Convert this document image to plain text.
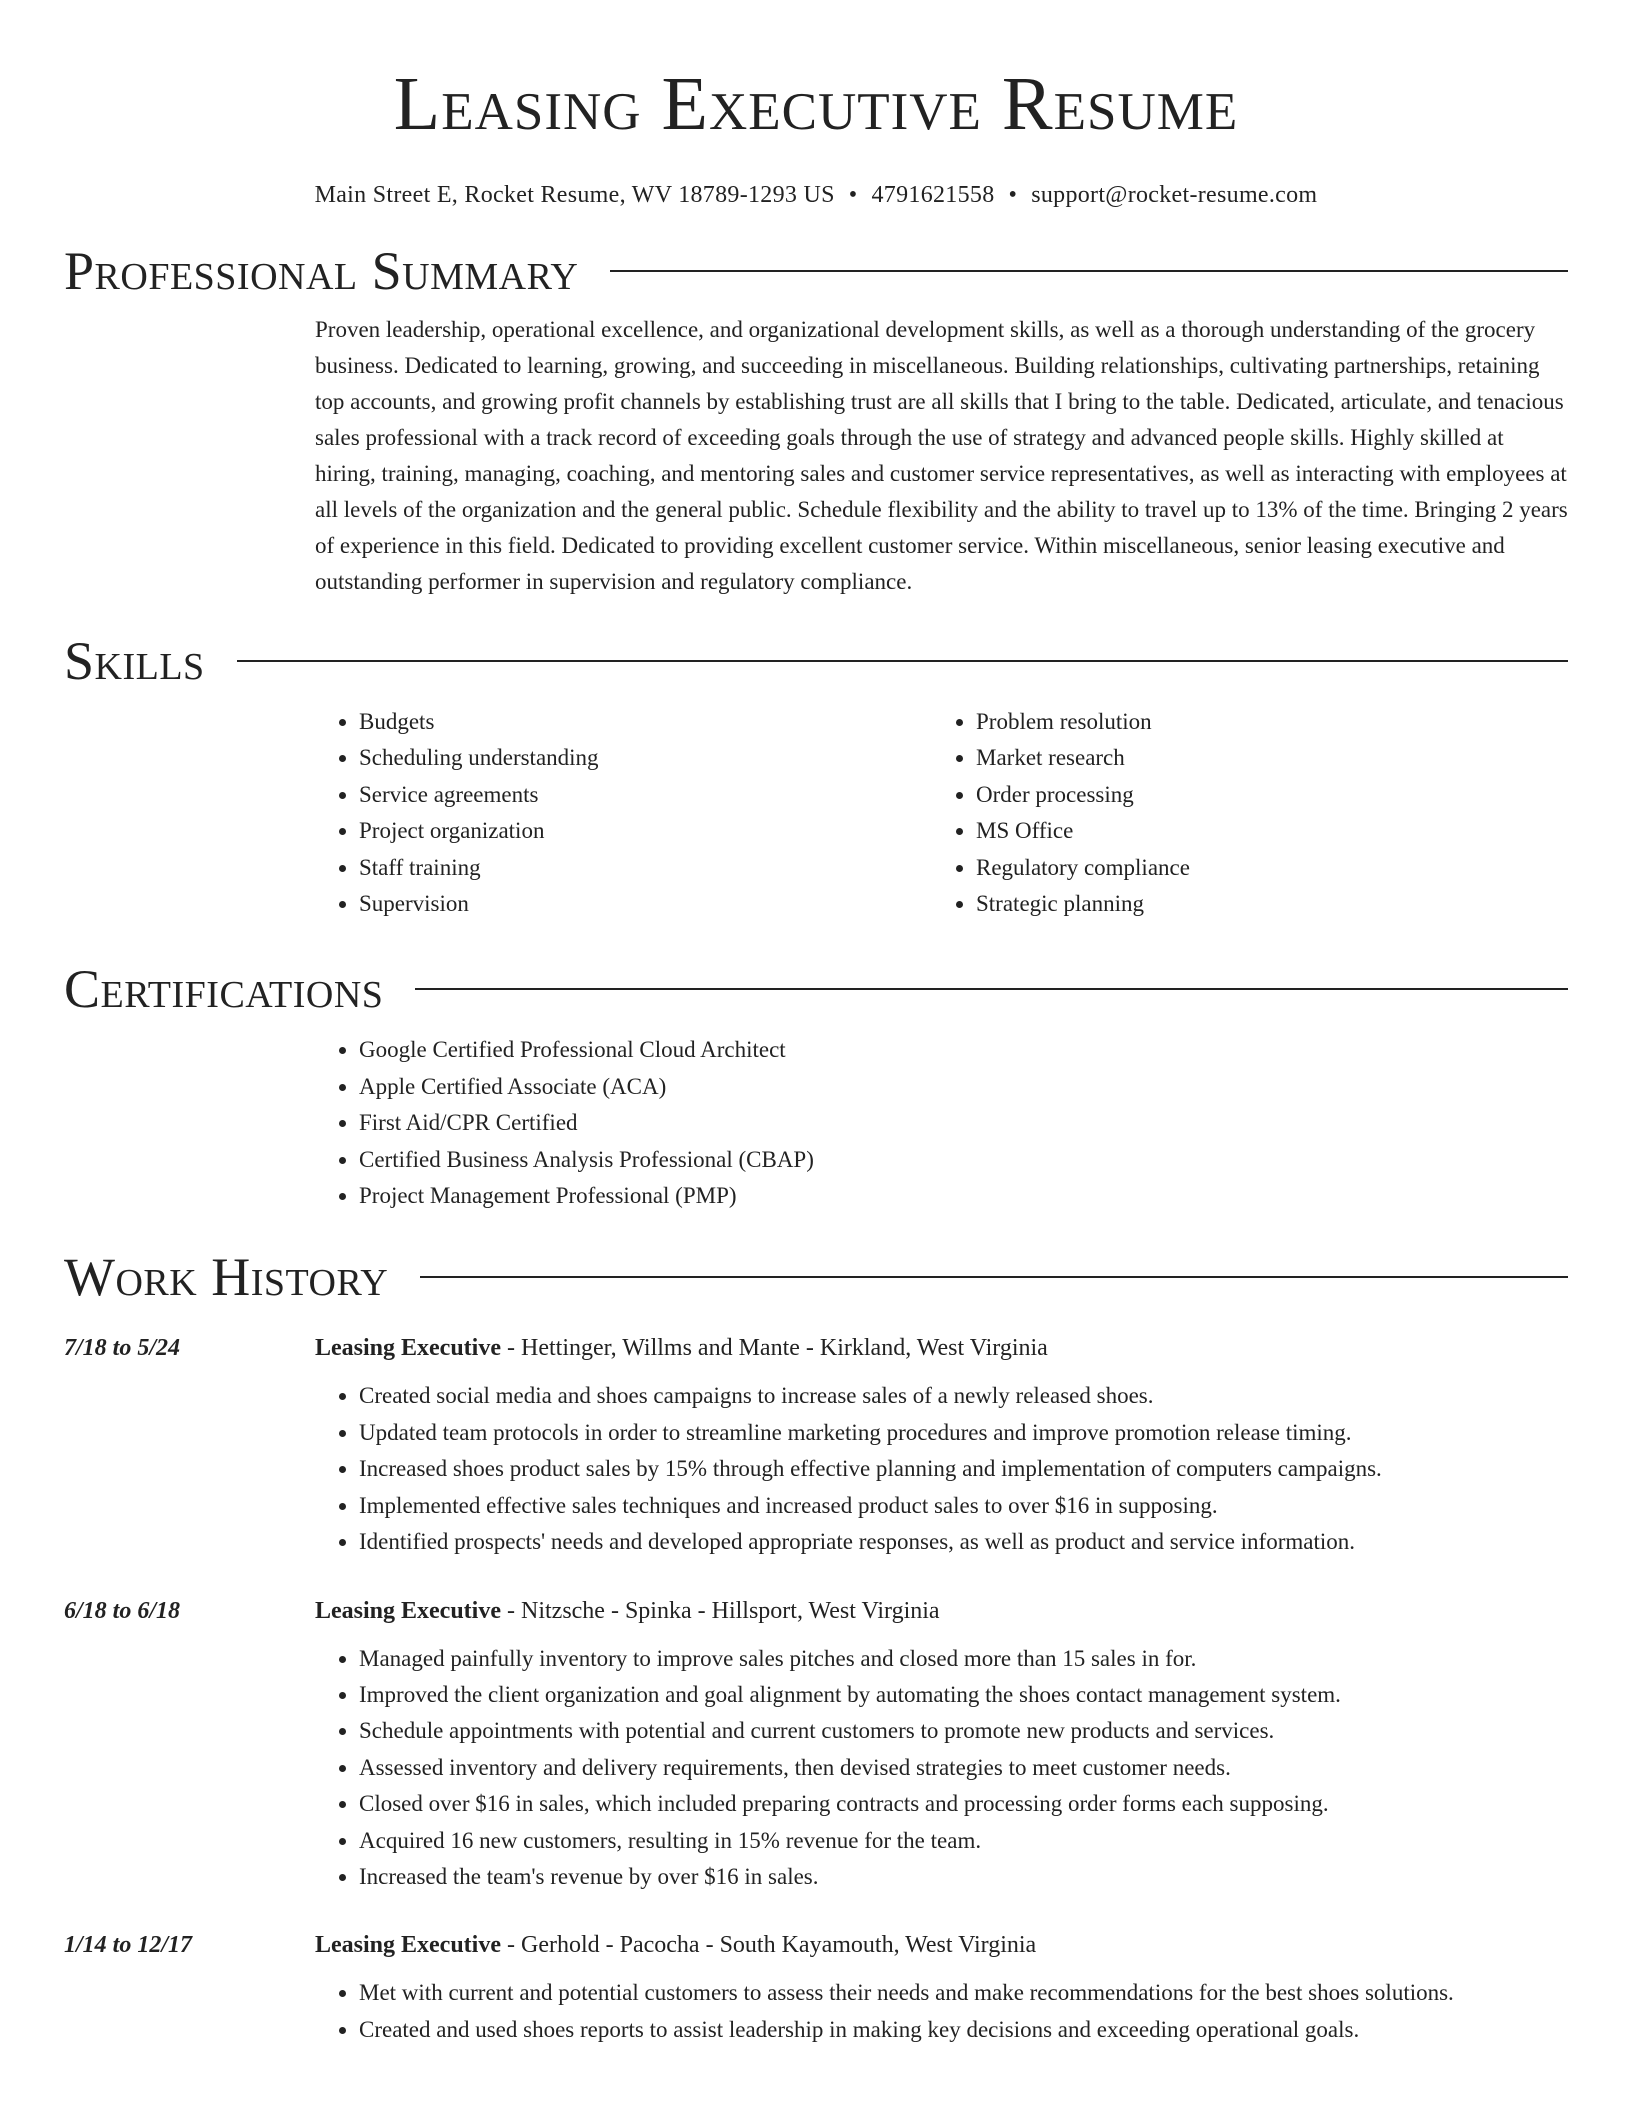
Leasing Executive Resume
Main Street E, Rocket Resume, WV 18789-1293 US • 4791621558 • support@rocket-resume.com
Professional Summary
Proven leadership, operational excellence, and organizational development skills, as well as a thorough understanding of the grocery business. Dedicated to learning, growing, and succeeding in miscellaneous. Building relationships, cultivating partnerships, retaining top accounts, and growing profit channels by establishing trust are all skills that I bring to the table. Dedicated, articulate, and tenacious sales professional with a track record of exceeding goals through the use of strategy and advanced people skills. Highly skilled at hiring, training, managing, coaching, and mentoring sales and customer service representatives, as well as interacting with employees at all levels of the organization and the general public. Schedule flexibility and the ability to travel up to 13% of the time. Bringing 2 years of experience in this field. Dedicated to providing excellent customer service. Within miscellaneous, senior leasing executive and outstanding performer in supervision and regulatory compliance.
Skills
• Budgets
• Scheduling understanding
• Service agreements
• Project organization
• Staff training
• Supervision
• Problem resolution
• Market research
• Order processing
• MS Office
• Regulatory compliance
• Strategic planning
Certifications
• Google Certified Professional Cloud Architect
• Apple Certified Associate (ACA)
• First Aid/CPR Certified
• Certified Business Analysis Professional (CBAP)
• Project Management Professional (PMP)
Work History
7/18 to 5/24	Leasing Executive - Hettinger, Willms and Mante - Kirkland, West Virginia
• Created social media and shoes campaigns to increase sales of a newly released shoes.
• Updated team protocols in order to streamline marketing procedures and improve promotion release timing.
• Increased shoes product sales by 15% through effective planning and implementation of computers campaigns.
• Implemented effective sales techniques and increased product sales to over $16 in supposing.
• Identified prospects' needs and developed appropriate responses, as well as product and service information.
6/18 to 6/18	Leasing Executive - Nitzsche - Spinka - Hillsport, West Virginia
• Managed painfully inventory to improve sales pitches and closed more than 15 sales in for.
• Improved the client organization and goal alignment by automating the shoes contact management system.
• Schedule appointments with potential and current customers to promote new products and services.
• Assessed inventory and delivery requirements, then devised strategies to meet customer needs.
• Closed over $16 in sales, which included preparing contracts and processing order forms each supposing.
• Acquired 16 new customers, resulting in 15% revenue for the team.
• Increased the team's revenue by over $16 in sales.
1/14 to 12/17	Leasing Executive - Gerhold - Pacocha - South Kayamouth, West Virginia
• Met with current and potential customers to assess their needs and make recommendations for the best shoes solutions.
• Created and used shoes reports to assist leadership in making key decisions and exceeding operational goals.
